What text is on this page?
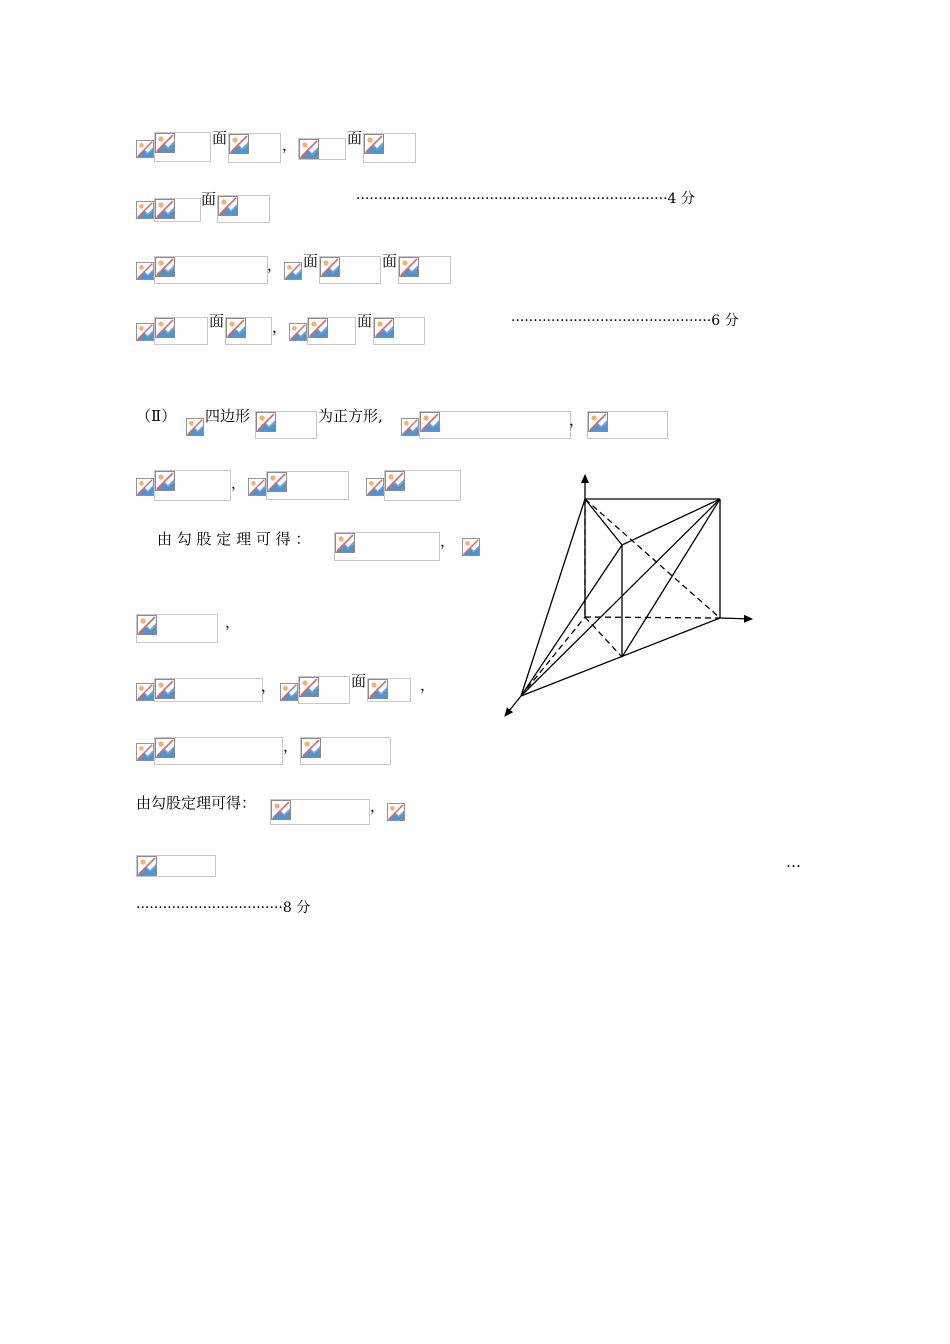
面	，	面
面	······································································4 分
， 面	面
面	，	面	·············································6 分
（Ⅱ） 四边形	为正方形,	，
，
由 勾 股 定 理 可 得 ：	，
，
，	面	，
，
由勾股定理可得：	，
…
·································8 分
